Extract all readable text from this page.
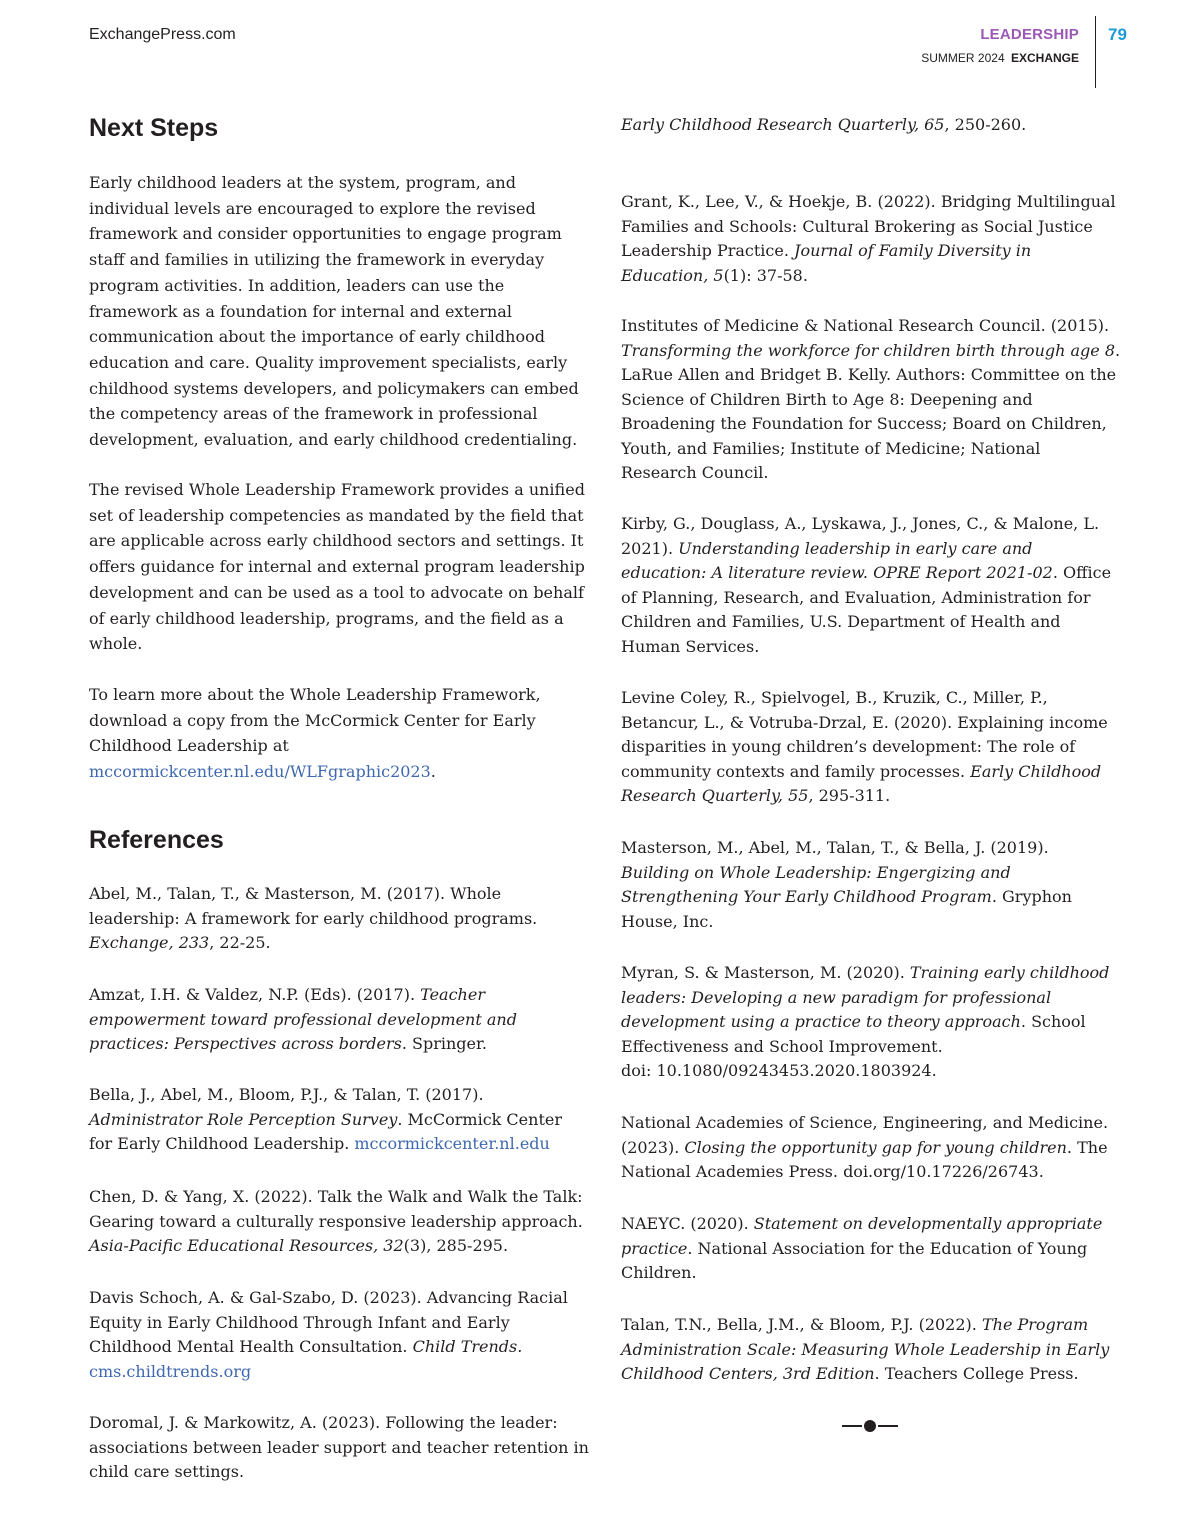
ExchangePress.com	LEADERSHIP
SUMMER 2024 EXCHANGE
79
Next Steps

Early childhood leaders at the system, program, and individual levels are encouraged to explore the revised framework and consider opportunities to engage program staff and families in utilizing the framework in everyday program activities. In addition, leaders can use the framework as a foundation for internal and external communication about the importance of early childhood education and care. Quality improvement specialists, early childhood systems developers, and policymakers can embed the competency areas of the framework in professional development, evaluation, and early childhood credentialing.

The revised Whole Leadership Framework provides a unified set of leadership competencies as mandated by the field that are applicable across early childhood sectors and settings. It offers guidance for internal and external program leadership development and can be used as a tool to advocate on behalf of early childhood leadership, programs, and the field as a whole.

To learn more about the Whole Leadership Framework, download a copy from the McCormick Center for Early Childhood Leadership at
mccormickcenter.nl.edu/WLFgraphic2023.

References

Abel, M., Talan, T., & Masterson, M. (2017). Whole leadership: A framework for early childhood programs. Exchange, 233, 22-25.

Amzat, I.H. & Valdez, N.P. (Eds). (2017). Teacher empowerment toward professional development and practices: Perspectives across borders. Springer.

Bella, J., Abel, M., Bloom, P.J., & Talan, T. (2017). Administrator Role Perception Survey. McCormick Center for Early Childhood Leadership. mccormickcenter.nl.edu

Chen, D. & Yang, X. (2022). Talk the Walk and Walk the Talk: Gearing toward a culturally responsive leadership approach. Asia-Pacific Educational Resources, 32(3), 285-295.

Davis Schoch, A. & Gal-Szabo, D. (2023). Advancing Racial Equity in Early Childhood Through Infant and Early Childhood Mental Health Consultation. Child Trends.
cms.childtrends.org

Doromal, J. & Markowitz, A. (2023). Following the leader: associations between leader support and teacher retention in child care settings.

Early Childhood Research Quarterly, 65, 250-260.

Grant, K., Lee, V., & Hoekje, B. (2022). Bridging Multilingual Families and Schools: Cultural Brokering as Social Justice Leadership Practice. Journal of Family Diversity in Education, 5(1): 37-58.

Institutes of Medicine & National Research Council. (2015). Transforming the workforce for children birth through age 8. LaRue Allen and Bridget B. Kelly. Authors: Committee on the Science of Children Birth to Age 8: Deepening and Broadening the Foundation for Success; Board on Children, Youth, and Families; Institute of Medicine; National Research Council.

Kirby, G., Douglass, A., Lyskawa, J., Jones, C., & Malone, L. 2021). Understanding leadership in early care and education: A literature review. OPRE Report 2021-02. Office of Planning, Research, and Evaluation, Administration for Children and Families, U.S. Department of Health and Human Services.

Levine Coley, R., Spielvogel, B., Kruzik, C., Miller, P., Betancur, L., & Votruba-Drzal, E. (2020). Explaining income disparities in young children’s development: The role of community contexts and family processes. Early Childhood Research Quarterly, 55, 295-311.

Masterson, M., Abel, M., Talan, T., & Bella, J. (2019). Building on Whole Leadership: Engergizing and Strengthening Your Early Childhood Program. Gryphon House, Inc.

Myran, S. & Masterson, M. (2020). Training early childhood leaders: Developing a new paradigm for professional development using a practice to theory approach. School Effectiveness and School Improvement.
doi: 10.1080/09243453.2020.1803924.

National Academies of Science, Engineering, and Medicine. (2023). Closing the opportunity gap for young children. The National Academies Press. doi.org/10.17226/26743.

NAEYC. (2020). Statement on developmentally appropriate practice. National Association for the Education of Young Children.

Talan, T.N., Bella, J.M., & Bloom, P.J. (2022). The Program Administration Scale: Measuring Whole Leadership in Early Childhood Centers, 3rd Edition. Teachers College Press.
